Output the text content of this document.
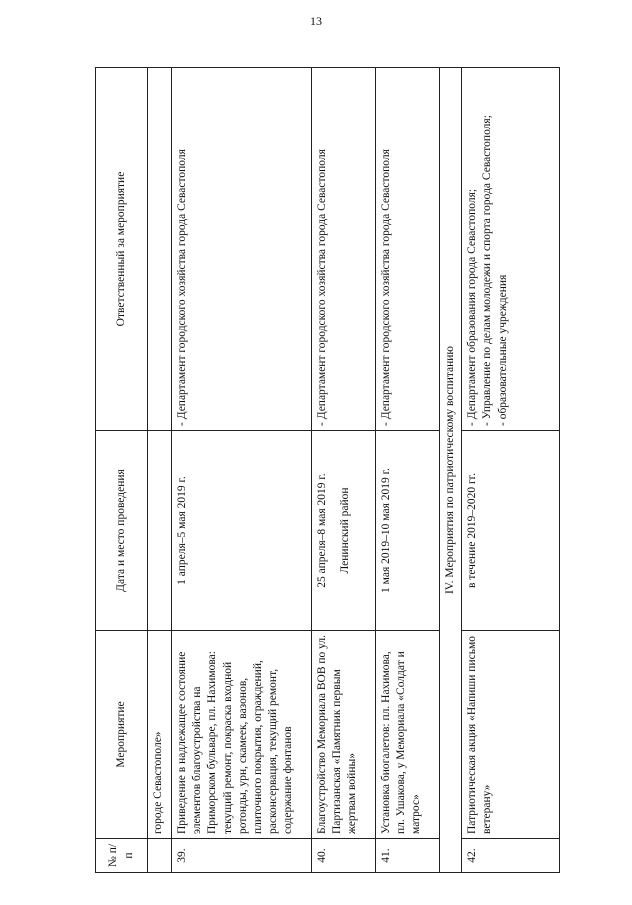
13
№ п/п	Мероприятие	Дата и место проведения	Ответственный за мероприятие
	городе Севастополе»		
39.	Приведение в надлежащее состояние элементов благоустройства на Приморском бульваре, пл. Нахимова: текущий ремонт, покраска входной ротонды, урн, скамеек, вазонов, плиточного покрытия, ограждений, расконсервация, текущий ремонт, содержание фонтанов	1 апреля–5 мая 2019 г.	- Департамент городского хозяйства города Севастополя

40.	Благоустройство Мемориала ВОВ по ул. Партизанская «Памятник первым жертвам войны»	25 апреля–8 мая 2019 г. Ленинский район	- Департамент городского хозяйства города Севастополя

41.	Установка биогалетов: пл. Нахимова, пл. Ушакова, у Мемориала «Солдат и матрос»	1 мая 2019–10 мая 2019 г.	- Департамент городского хозяйства города Севастополя

IV. Мероприятия по патриотическому воспитанию			
42.	Патриотическая акция «Напиши письмо ветерану»	в течение 2019–2020 гг.	- Департамент образования города Севастополя; - Управление по делам молодежи и спорта города Севастополя; - образовательные учреждения
